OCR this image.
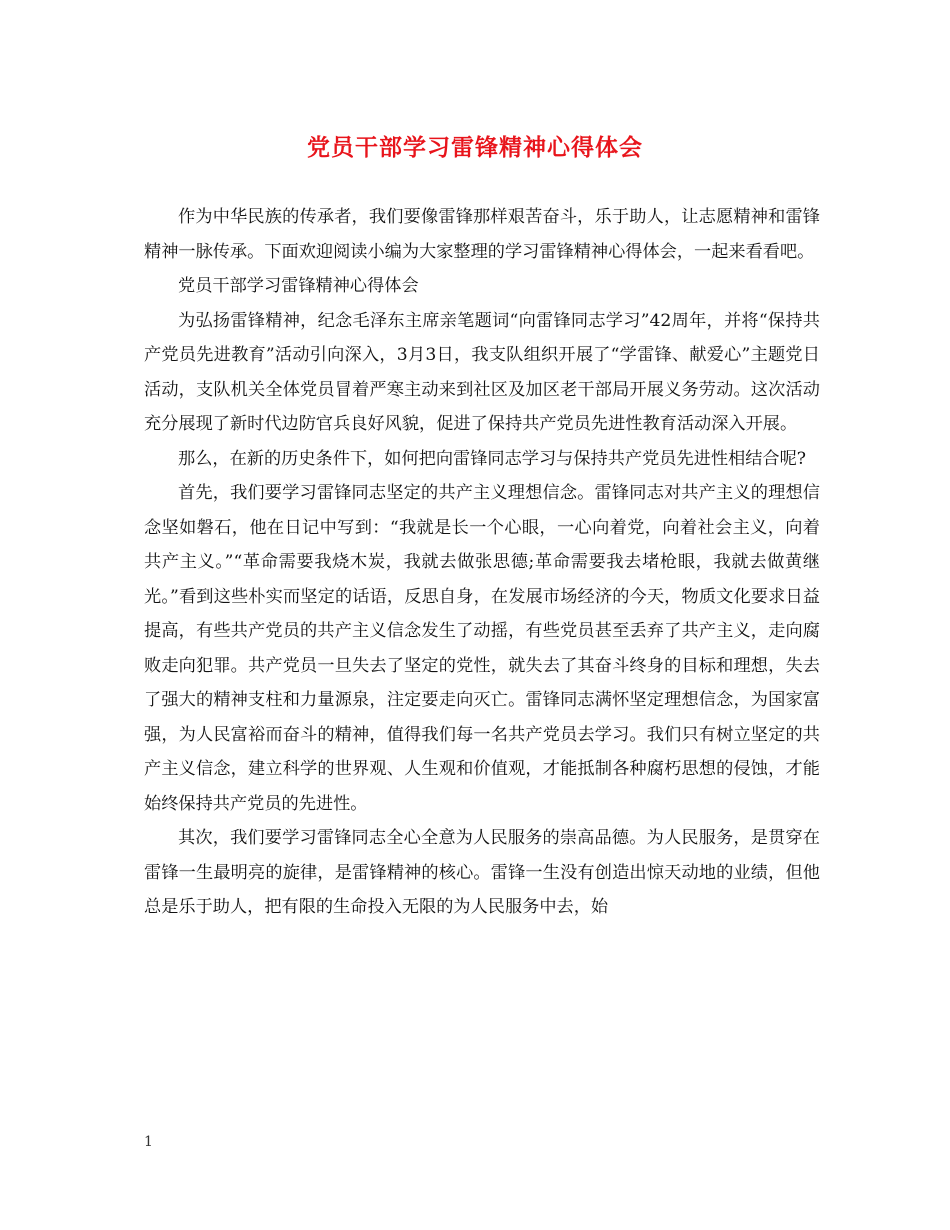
党员干部学习雷锋精神心得体会

作为中华民族的传承者，我们要像雷锋那样艰苦奋斗，乐于助人，让志愿精神和雷锋精神一脉传承。下面欢迎阅读小编为大家整理的学习雷锋精神心得体会，一起来看看吧。

党员干部学习雷锋精神心得体会

为弘扬雷锋精神，纪念毛泽东主席亲笔题词“向雷锋同志学习”42周年，并将“保持共产党员先进教育”活动引向深入，3月3日，我支队组织开展了“学雷锋、献爱心”主题党日活动，支队机关全体党员冒着严寒主动来到社区及加区老干部局开展义务劳动。这次活动充分展现了新时代边防官兵良好风貌，促进了保持共产党员先进性教育活动深入开展。

那么，在新的历史条件下，如何把向雷锋同志学习与保持共产党员先进性相结合呢?

首先，我们要学习雷锋同志坚定的共产主义理想信念。雷锋同志对共产主义的理想信念坚如磐石，他在日记中写到：“我就是长一个心眼，一心向着党，向着社会主义，向着共产主义。”“革命需要我烧木炭，我就去做张思德;革命需要我去堵枪眼，我就去做黄继光。”看到这些朴实而坚定的话语，反思自身，在发展市场经济的今天，物质文化要求日益提高，有些共产党员的共产主义信念发生了动摇，有些党员甚至丢弃了共产主义，走向腐败走向犯罪。共产党员一旦失去了坚定的党性，就失去了其奋斗终身的目标和理想，失去了强大的精神支柱和力量源泉，注定要走向灭亡。雷锋同志满怀坚定理想信念，为国家富强，为人民富裕而奋斗的精神，值得我们每一名共产党员去学习。我们只有树立坚定的共产主义信念，建立科学的世界观、人生观和价值观，才能抵制各种腐朽思想的侵蚀，才能始终保持共产党员的先进性。

其次，我们要学习雷锋同志全心全意为人民服务的崇高品德。为人民服务，是贯穿在雷锋一生最明亮的旋律，是雷锋精神的核心。雷锋一生没有创造出惊天动地的业绩，但他总是乐于助人，把有限的生命投入无限的为人民服务中去，始

1
